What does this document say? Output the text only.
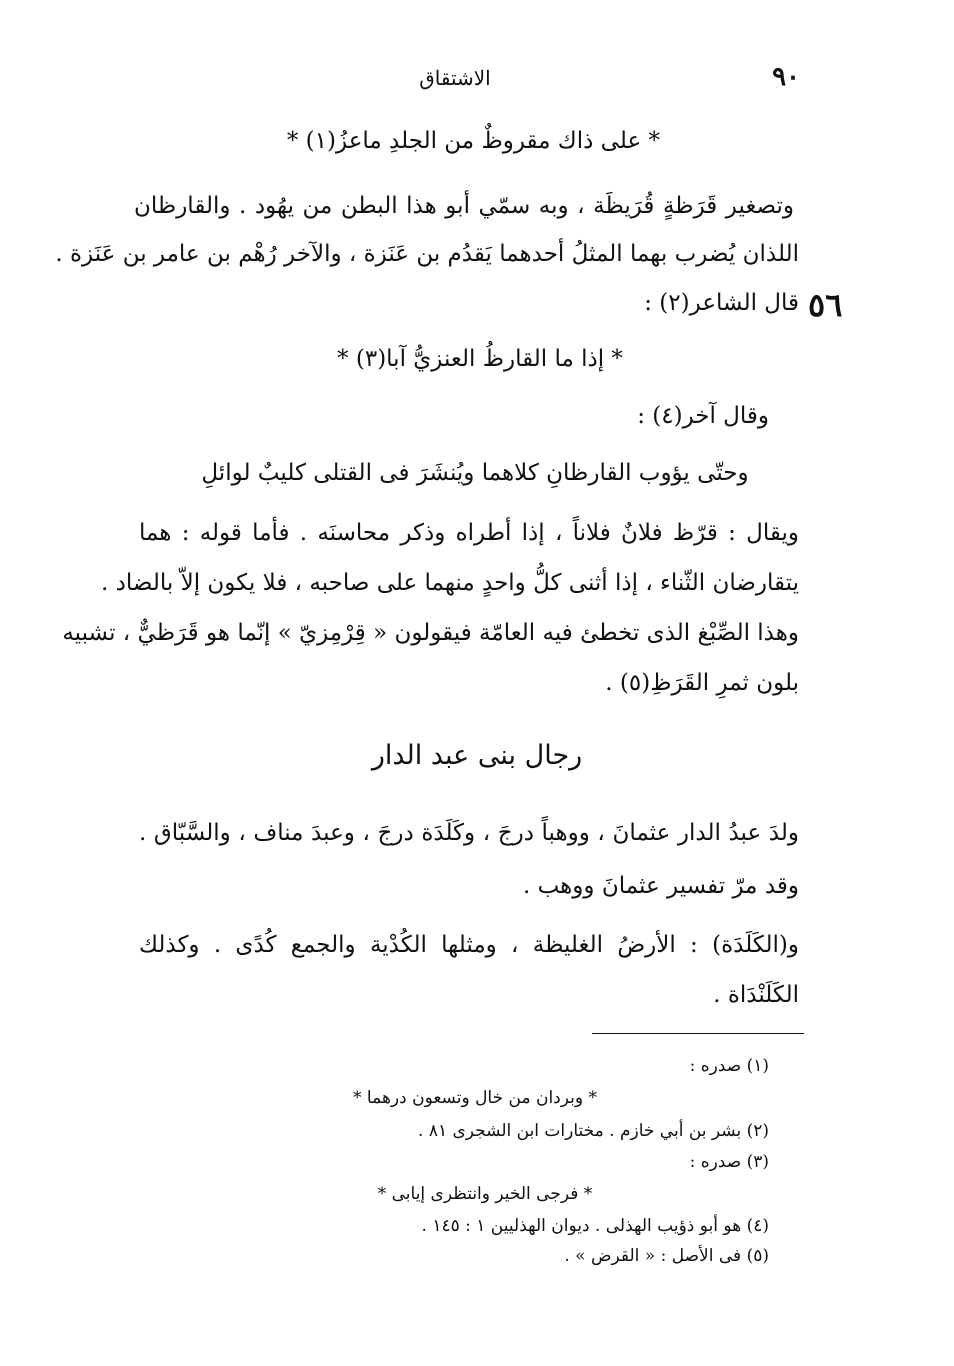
٩٠
الاشتقاق
* على ذاك مقروظٌ من الجلدِ ماعزُ(١) *
وتصغير قَرَظةٍ قُرَيظَة ، وبه سمّي أبو هذا البطن من يهُود . والقارظان
اللذان يُضرب بهما المثلُ أحدهما يَقدُم بن عَنَزة ، والآخر رُهْم بن عامر بن عَنَزة .
٥٦
قال الشاعر(٢) :
* إذا ما القارظُ العنزيُّ آبا(٣) *
وقال آخر(٤) :
وحتّى يؤوب القارظانِ كلاهما ويُنشَرَ فى القتلى كليبٌ لوائلِ
ويقال : قرّظ فلانٌ فلاناً ، إذا أطراه وذكر محاسنَه . فأما قوله : هما
يتقارضان الثّناء ، إذا أثنى كلُّ واحدٍ منهما على صاحبه ، فلا يكون إلاّ بالضاد .
وهذا الصِّبْغ الذى تخطئ فيه العامّة فيقولون « قِرْمِزيّ » إنّما هو قَرَظيٌّ ، تشبيه
بلون ثمرِ القَرَظِ(٥) .
رجال بنى عبد الدار
ولدَ عبدُ الدار عثمانَ ، ووهباً درجَ ، وكَلَدَة درجَ ، وعبدَ مناف ، والسَّبّاق .
وقد مرّ تفسير عثمانَ ووهب .
و(الكَلَدَة) : الأرضُ الغليظة ، ومثلها الكُدْية والجمع كُدًى . وكذلك
الكَلَنْدَاة .
(١) صدره :
* وبردان من خال وتسعون درهما *
(٢) بشر بن أبي خازم . مختارات ابن الشجرى ٨١ .
(٣) صدره :
* فرجى الخير وانتظرى إيابى *
(٤) هو أبو ذؤيب الهذلى . ديوان الهذليين ١ : ١٤٥ .
(٥) فى الأصل : « القرض » .
